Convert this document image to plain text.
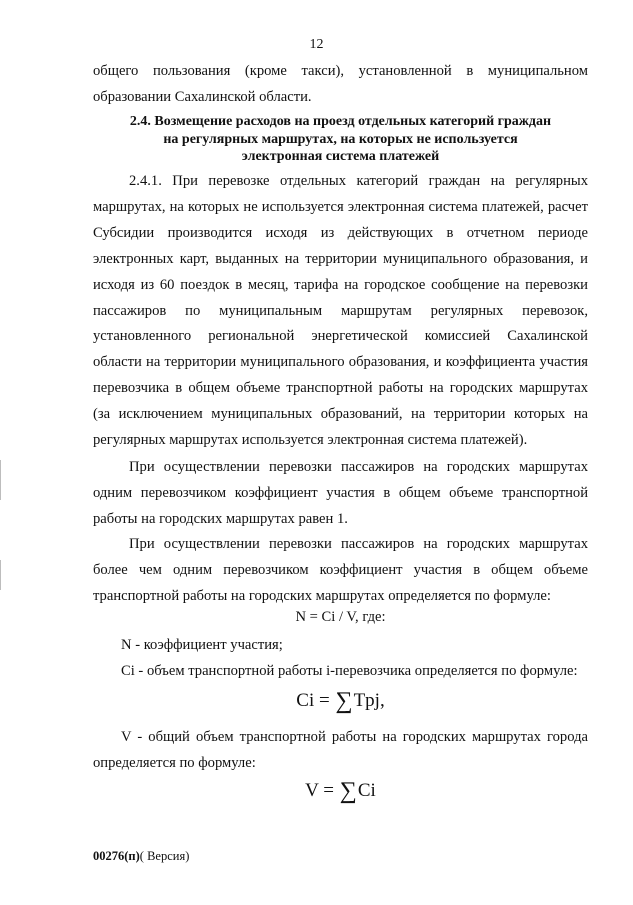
12
общего пользования (кроме такси), установленной в муниципальном
образовании Сахалинской области.
2.4. Возмещение расходов на проезд отдельных категорий граждан
на регулярных маршрутах, на которых не используется
электронная система платежей
2.4.1. При перевозке отдельных категорий граждан на регулярных
маршрутах, на которых не используется электронная система платежей, расчет
Субсидии производится исходя из действующих в отчетном периоде
электронных карт, выданных на территории муниципального образования, и
исходя из 60 поездок в месяц, тарифа на городское сообщение на перевозки
пассажиров по муниципальным маршрутам регулярных перевозок,
установленного региональной энергетической комиссией Сахалинской
области на территории муниципального образования, и коэффициента участия
перевозчика в общем объеме транспортной работы на городских маршрутах
(за исключением муниципальных образований, на территории которых на
регулярных маршрутах используется электронная система платежей).
При осуществлении перевозки пассажиров на городских маршрутах
одним перевозчиком коэффициент участия в общем объеме транспортной
работы на городских маршрутах равен 1.
При осуществлении перевозки пассажиров на городских маршрутах
более чем одним перевозчиком коэффициент участия в общем объеме
транспортной работы на городских маршрутах определяется по формуле:
N = Ci / V, где:
N - коэффициент участия;
Ci - объем транспортной работы i-перевозчика определяется по формуле:
Ci = ∑Tpj,
V - общий объем транспортной работы на городских маршрутах города
определяется по формуле:
V = ∑Ci
00276(п)( Версия)
